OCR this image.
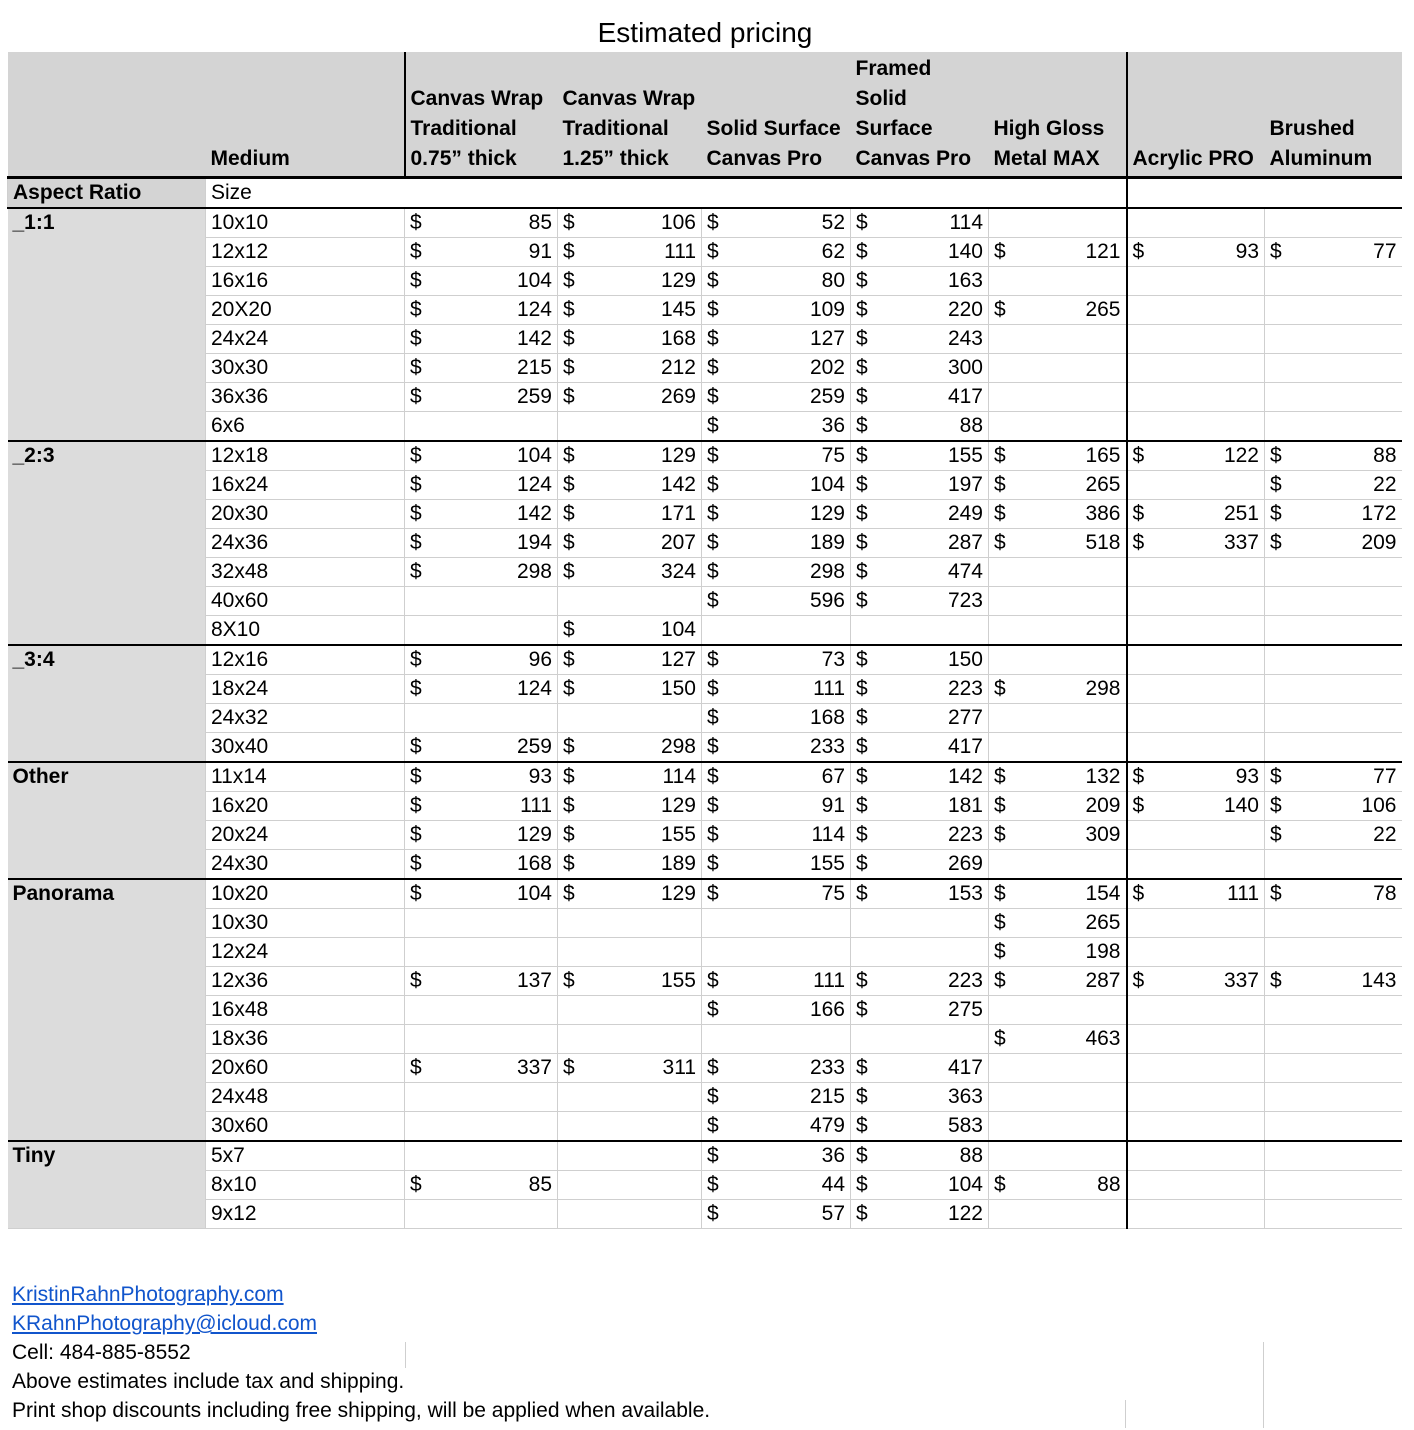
Estimated pricing
	Medium	Canvas Wrap Traditional 0.75” thick	Canvas Wrap Traditional 1.25” thick	Solid Surface Canvas Pro	Framed Solid Surface Canvas Pro	High Gloss Metal MAX	Acrylic PRO	Brushed Aluminum
Aspect Ratio	Size							
_1:1	10x10	$ 85	$ 106	$ 52	$ 114			
	12x12	$ 91	$ 111	$ 62	$ 140	$ 121	$ 93	$ 77
	16x16	$ 104	$ 129	$ 80	$ 163			
	20X20	$ 124	$ 145	$ 109	$ 220	$ 265		
	24x24	$ 142	$ 168	$ 127	$ 243			
	30x30	$ 215	$ 212	$ 202	$ 300			
	36x36	$ 259	$ 269	$ 259	$ 417			
	6x6			$ 36	$ 88			
_2:3	12x18	$ 104	$ 129	$ 75	$ 155	$ 165	$ 122	$ 88
	16x24	$ 124	$ 142	$ 104	$ 197	$ 265		$ 22
	20x30	$ 142	$ 171	$ 129	$ 249	$ 386	$ 251	$ 172
	24x36	$ 194	$ 207	$ 189	$ 287	$ 518	$ 337	$ 209
	32x48	$ 298	$ 324	$ 298	$ 474			
	40x60			$ 596	$ 723			
	8X10		$ 104					
_3:4	12x16	$ 96	$ 127	$ 73	$ 150			
	18x24	$ 124	$ 150	$ 111	$ 223	$ 298		
	24x32			$ 168	$ 277			
	30x40	$ 259	$ 298	$ 233	$ 417			
Other	11x14	$ 93	$ 114	$ 67	$ 142	$ 132	$ 93	$ 77
	16x20	$ 111	$ 129	$ 91	$ 181	$ 209	$ 140	$ 106
	20x24	$ 129	$ 155	$ 114	$ 223	$ 309		$ 22
	24x30	$ 168	$ 189	$ 155	$ 269			
Panorama	10x20	$ 104	$ 129	$ 75	$ 153	$ 154	$ 111	$ 78
	10x30					$ 265		
	12x24					$ 198		
	12x36	$ 137	$ 155	$ 111	$ 223	$ 287	$ 337	$ 143
	16x48			$ 166	$ 275			
	18x36					$ 463		
	20x60	$ 337	$ 311	$ 233	$ 417			
	24x48			$ 215	$ 363			
	30x60			$ 479	$ 583			
Tiny	5x7			$ 36	$ 88			
	8x10	$ 85		$ 44	$ 104	$ 88		
	9x12			$ 57	$ 122			
KristinRahnPhotography.com
KRahnPhotography@icloud.com
Cell: 484-885-8552
Above estimates include tax and shipping.
Print shop discounts including free shipping, will be applied when available.
